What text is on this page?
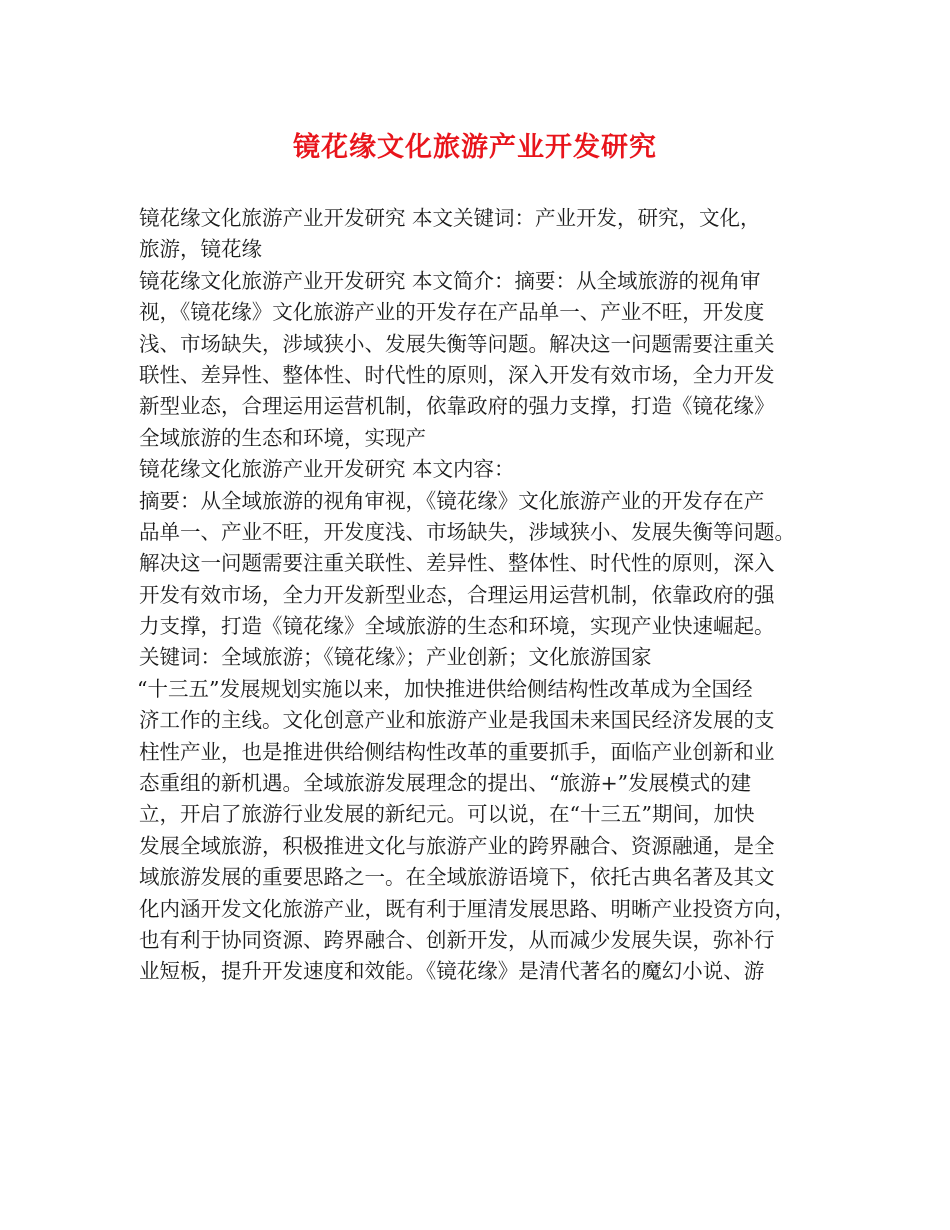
镜花缘文化旅游产业开发研究
镜花缘文化旅游产业开发研究 本文关键词：产业开发，研究，文化，
旅游，镜花缘
镜花缘文化旅游产业开发研究 本文简介：摘要：从全域旅游的视角审
视，《镜花缘》文化旅游产业的开发存在产品单一、产业不旺，开发度
浅、市场缺失，涉域狭小、发展失衡等问题。解决这一问题需要注重关
联性、差异性、整体性、时代性的原则，深入开发有效市场，全力开发
新型业态，合理运用运营机制，依靠政府的强力支撑，打造《镜花缘》
全域旅游的生态和环境，实现产
镜花缘文化旅游产业开发研究 本文内容：
摘要：从全域旅游的视角审视，《镜花缘》文化旅游产业的开发存在产
品单一、产业不旺，开发度浅、市场缺失，涉域狭小、发展失衡等问题。
解决这一问题需要注重关联性、差异性、整体性、时代性的原则，深入
开发有效市场，全力开发新型业态，合理运用运营机制，依靠政府的强
力支撑，打造《镜花缘》全域旅游的生态和环境，实现产业快速崛起。
关键词：全域旅游；《镜花缘》；产业创新；文化旅游国家
“十三五”发展规划实施以来，加快推进供给侧结构性改革成为全国经
济工作的主线。文化创意产业和旅游产业是我国未来国民经济发展的支
柱性产业，也是推进供给侧结构性改革的重要抓手，面临产业创新和业
态重组的新机遇。全域旅游发展理念的提出、“旅游+”发展模式的建
立，开启了旅游行业发展的新纪元。可以说，在“十三五”期间，加快
发展全域旅游，积极推进文化与旅游产业的跨界融合、资源融通，是全
域旅游发展的重要思路之一。在全域旅游语境下，依托古典名著及其文
化内涵开发文化旅游产业，既有利于厘清发展思路、明晰产业投资方向，
也有利于协同资源、跨界融合、创新开发，从而减少发展失误，弥补行
业短板，提升开发速度和效能。《镜花缘》是清代著名的魔幻小说、游
